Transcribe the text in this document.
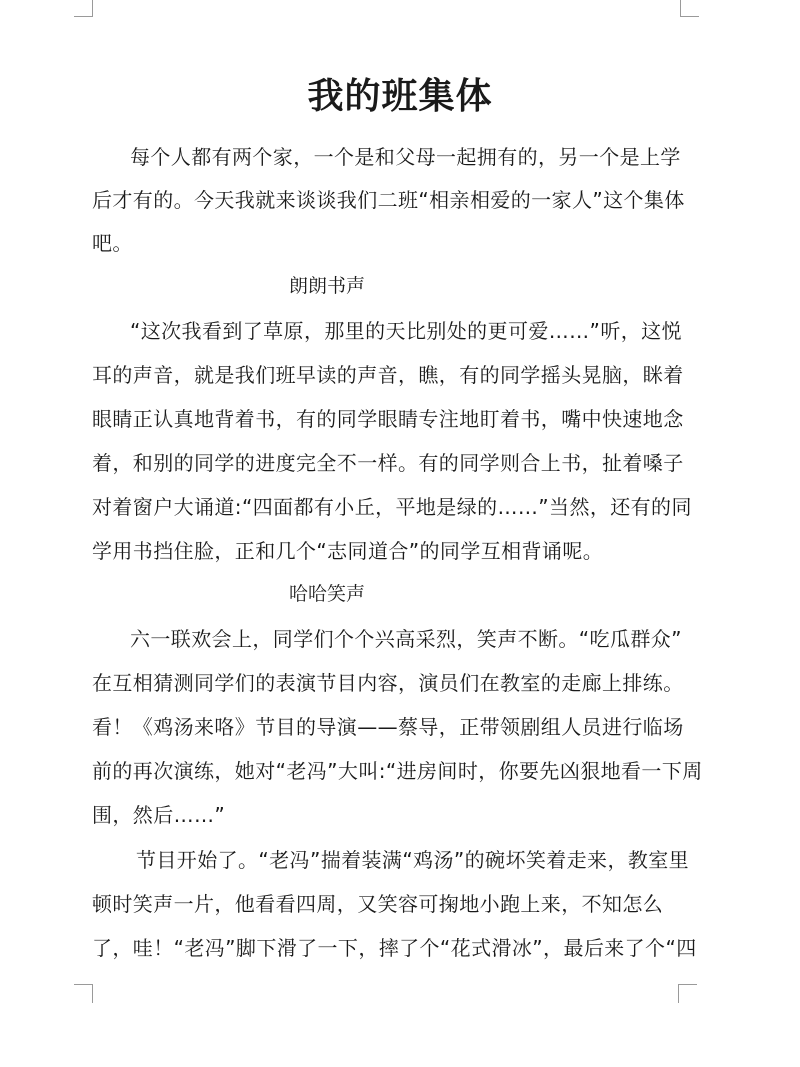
我的班集体
每个人都有两个家，一个是和父母一起拥有的，另一个是上学
后才有的。今天我就来谈谈我们二班“相亲相爱的一家人”这个集体
吧。
朗朗书声
“这次我看到了草原，那里的天比别处的更可爱……”听，这悦
耳的声音，就是我们班早读的声音，瞧，有的同学摇头晃脑，眯着
眼睛正认真地背着书，有的同学眼睛专注地盯着书，嘴中快速地念
着，和别的同学的进度完全不一样。有的同学则合上书，扯着嗓子
对着窗户大诵道:“四面都有小丘，平地是绿的……”当然，还有的同
学用书挡住脸，正和几个“志同道合”的同学互相背诵呢。
哈哈笑声
六一联欢会上，同学们个个兴高采烈，笑声不断。“吃瓜群众”
在互相猜测同学们的表演节目内容，演员们在教室的走廊上排练。
看！《鸡汤来咯》节目的导演——蔡导，正带领剧组人员进行临场
前的再次演练，她对“老冯”大叫:“进房间时，你要先凶狠地看一下周
围，然后……”
节目开始了。“老冯”揣着装满“鸡汤”的碗坏笑着走来，教室里
顿时笑声一片，他看看四周，又笑容可掬地小跑上来，不知怎么
了，哇！“老冯”脚下滑了一下，摔了个“花式滑冰”，最后来了个“四
